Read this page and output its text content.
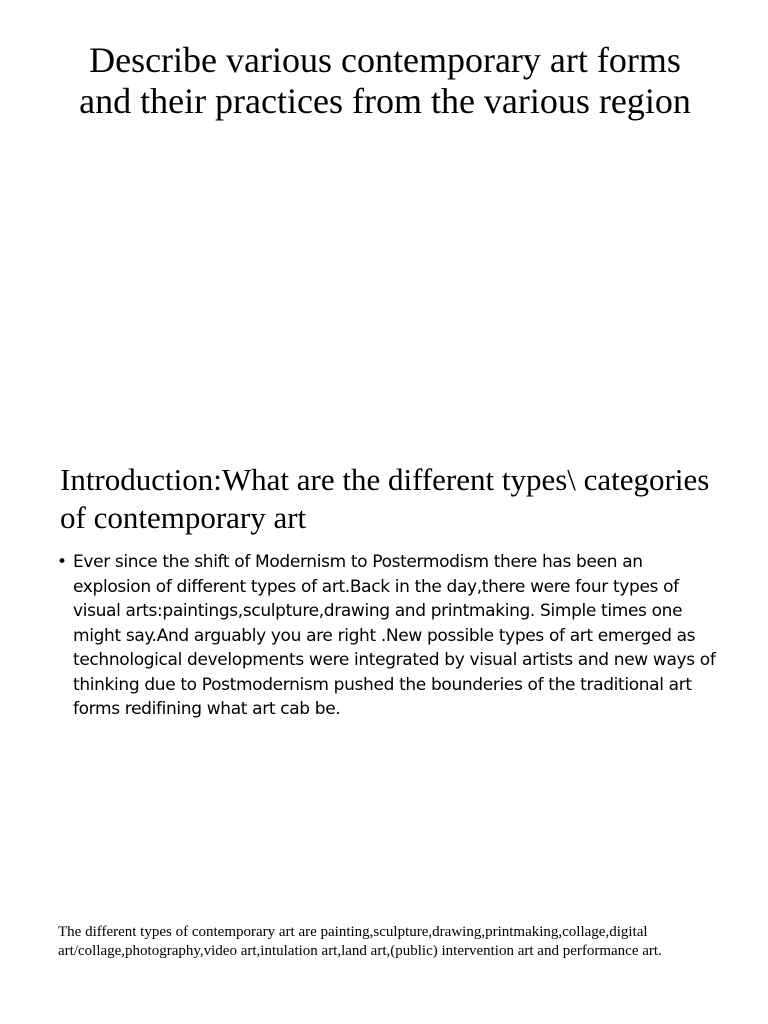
Describe various contemporary art forms and their practices from the various region
Introduction:What are the different types\ categories of contemporary art
• Ever since the shift of Modernism to Postermodism there has been an explosion of different types of art.Back in the day,there were four types of visual arts:paintings,sculpture,drawing and printmaking. Simple times one might say.And arguably you are right .New possible types of art emerged as technological developments were integrated by visual artists and new ways of thinking due to Postmodernism pushed the bounderies of the traditional art forms redifining what art cab be.

The different types of contemporary art are painting,sculpture,drawing,printmaking,collage,digital art/collage,photography,video art,intulation art,land art,(public) intervention art and performance art.
